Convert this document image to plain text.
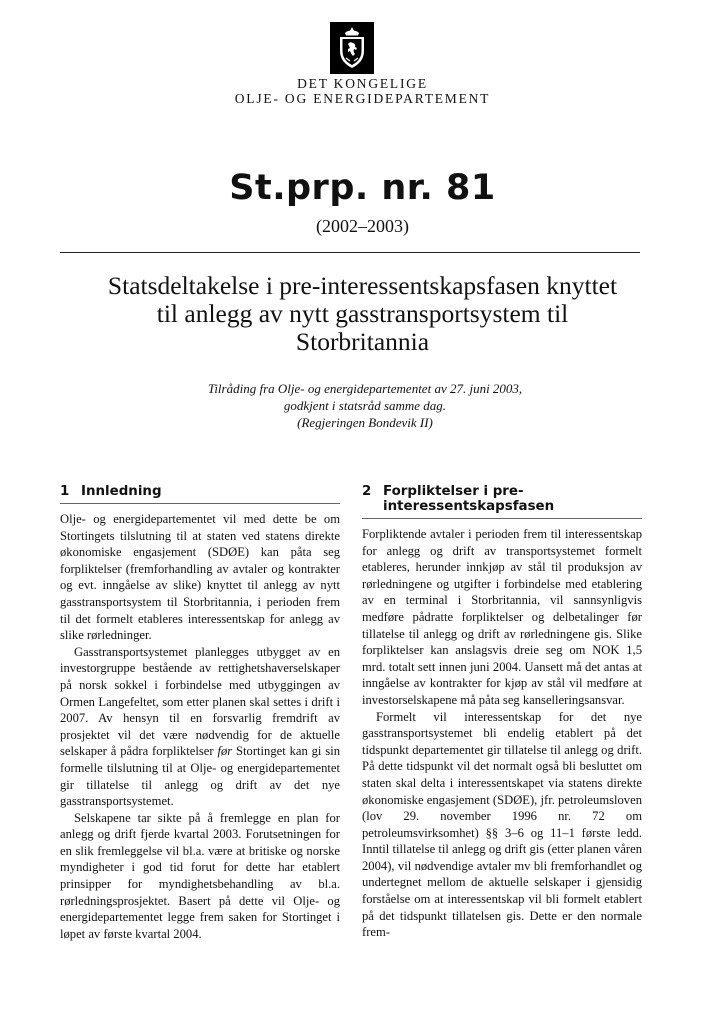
DET KONGELIGE
OLJE- OG ENERGIDEPARTEMENT
St.prp. nr. 81
(2002–2003)
Statsdeltakelse i pre-interessentskapsfasen knyttet
til anlegg av nytt gasstransportsystem til
Storbritannia
Tilråding fra Olje- og energidepartementet av 27. juni 2003,
godkjent i statsråd samme dag.
(Regjeringen Bondevik II)
1 Innledning

Olje- og energidepartementet vil med dette be om Stortingets tilslutning til at staten ved statens direkte økonomiske engasjement (SDØE) kan påta seg forpliktelser (fremforhandling av avtaler og kontrakter og evt. inngåelse av slike) knyttet til anlegg av nytt gasstransportsystem til Storbritannia, i perioden frem til det formelt etableres interessentskap for anlegg av slike rørledninger.

Gasstransportsystemet planlegges utbygget av en investorgruppe bestående av rettighetshaverselskaper på norsk sokkel i forbindelse med utbyggingen av Ormen Langefeltet, som etter planen skal settes i drift i 2007. Av hensyn til en forsvarlig fremdrift av prosjektet vil det være nødvendig for de aktuelle selskaper å pådra forpliktelser før Stortinget kan gi sin formelle tilslutning til at Olje- og energidepartementet gir tillatelse til anlegg og drift av det nye gasstransportsystemet.

Selskapene tar sikte på å fremlegge en plan for anlegg og drift fjerde kvartal 2003. Forutsetningen for en slik fremleggelse vil bl.a. være at britiske og norske myndigheter i god tid forut for dette har etablert prinsipper for myndighetsbehandling av bl.a. rørledningsprosjektet. Basert på dette vil Olje- og energidepartementet legge frem saken for Stortinget i løpet av første kvartal 2004.

2 Forpliktelser i pre-
interessentskapsfasen

Forpliktende avtaler i perioden frem til interessentskap for anlegg og drift av transportsystemet formelt etableres, herunder innkjøp av stål til produksjon av rørledningene og utgifter i forbindelse med etablering av en terminal i Storbritannia, vil sannsynligvis medføre pådratte forpliktelser og delbetalinger før tillatelse til anlegg og drift av rørledningene gis. Slike forpliktelser kan anslagsvis dreie seg om NOK 1,5 mrd. totalt sett innen juni 2004. Uansett må det antas at inngåelse av kontrakter for kjøp av stål vil medføre at investorselskapene må påta seg kanselleringsansvar.

Formelt vil interessentskap for det nye gasstransportsystemet bli endelig etablert på det tidspunkt departementet gir tillatelse til anlegg og drift. På dette tidspunkt vil det normalt også bli besluttet om staten skal delta i interessentskapet via statens direkte økonomiske engasjement (SDØE), jfr. petroleumsloven (lov 29. november 1996 nr. 72 om petroleumsvirksomhet) §§ 3–6 og 11–1 første ledd. Inntil tillatelse til anlegg og drift gis (etter planen våren 2004), vil nødvendige avtaler mv bli fremforhandlet og undertegnet mellom de aktuelle selskaper i gjensidig forståelse om at interessentskap vil bli formelt etablert på det tidspunkt tillatelsen gis. Dette er den normale frem-
